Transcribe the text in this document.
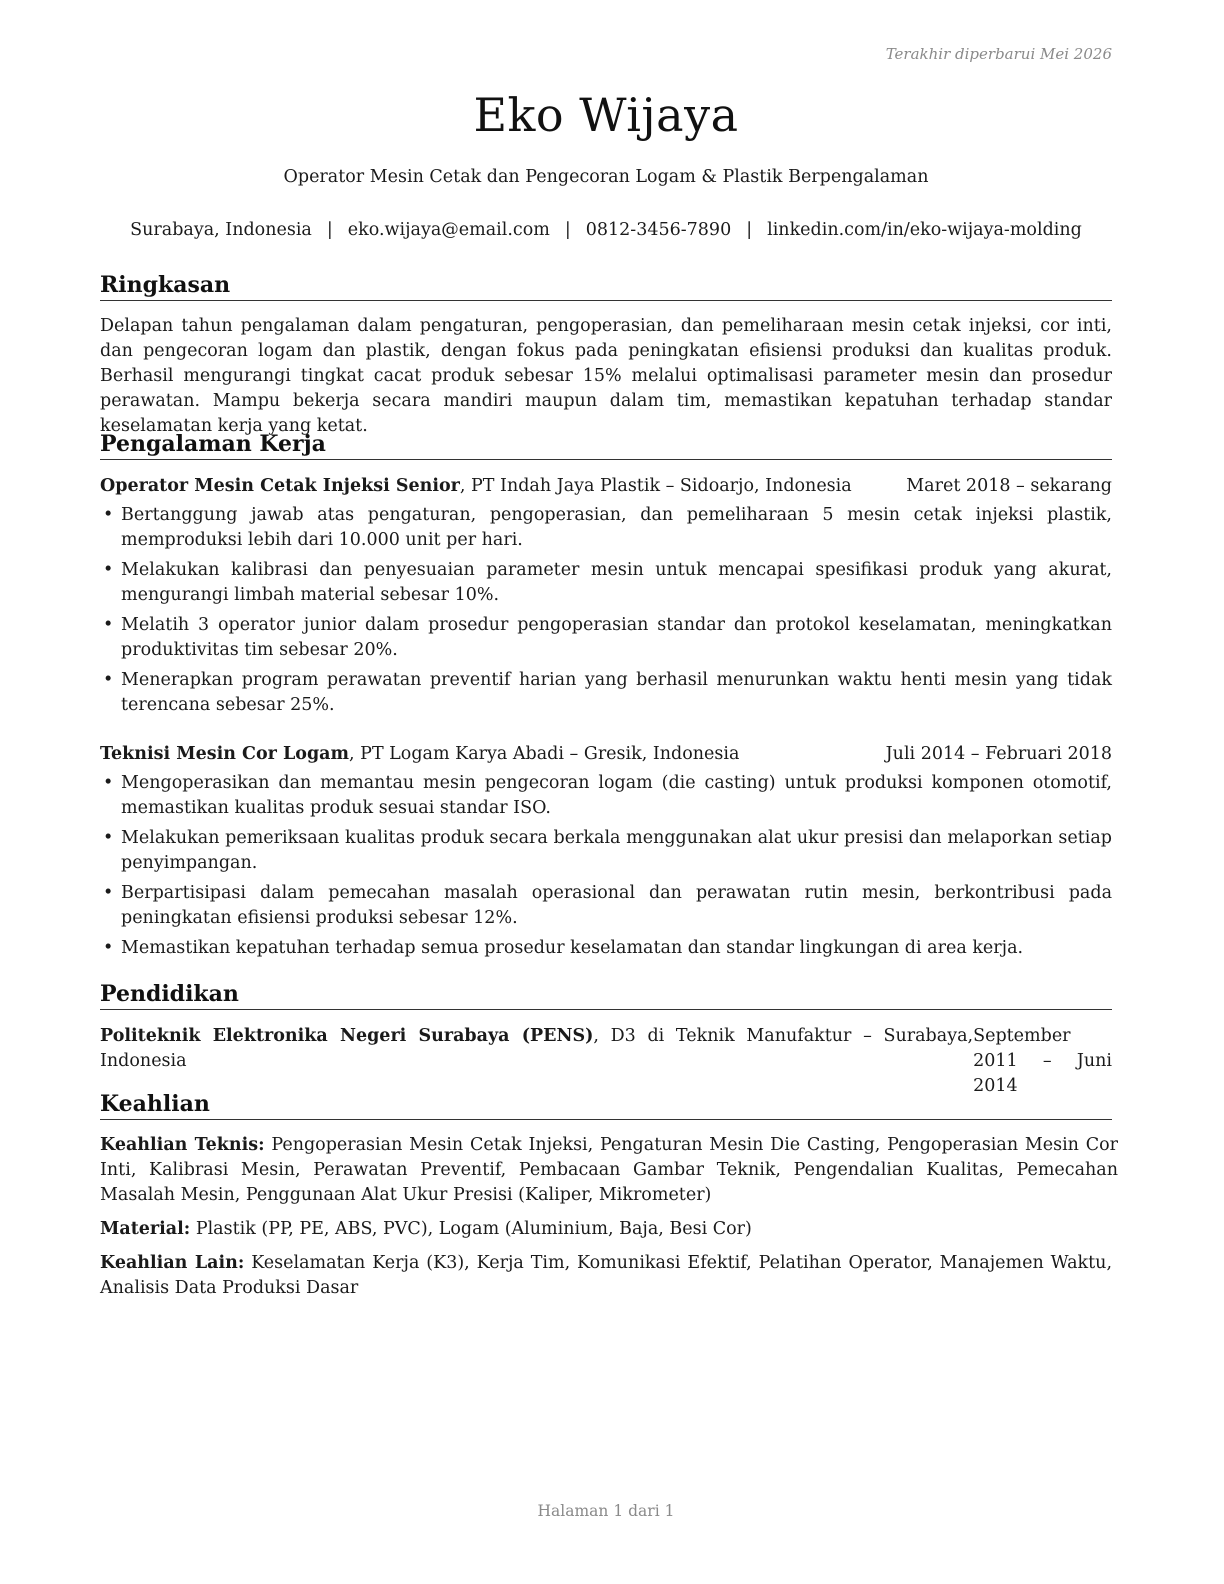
Terakhir diperbarui Mei 2026
Eko Wijaya
Operator Mesin Cetak dan Pengecoran Logam & Plastik Berpengalaman
Surabaya, Indonesia | eko.wijaya@email.com | 0812-3456-7890 | linkedin.com/in/eko-wijaya-molding
Ringkasan
Delapan tahun pengalaman dalam pengaturan, pengoperasian, dan pemeliharaan mesin cetak injeksi, cor inti, dan pengecoran logam dan plastik, dengan fokus pada peningkatan efisiensi produksi dan kualitas produk. Berhasil mengurangi tingkat cacat produk sebesar 15% melalui optimalisasi parameter mesin dan prosedur perawatan. Mampu bekerja secara mandiri maupun dalam tim, memastikan kepatuhan terhadap standar keselamatan kerja yang ketat.
Pengalaman Kerja
Operator Mesin Cetak Injeksi Senior, PT Indah Jaya Plastik – Sidoarjo, Indonesia	Maret 2018 – sekarang
• Bertanggung jawab atas pengaturan, pengoperasian, dan pemeliharaan 5 mesin cetak injeksi plastik, memproduksi lebih dari 10.000 unit per hari.
• Melakukan kalibrasi dan penyesuaian parameter mesin untuk mencapai spesifikasi produk yang akurat, mengurangi limbah material sebesar 10%.
• Melatih 3 operator junior dalam prosedur pengoperasian standar dan protokol keselamatan, meningkatkan produktivitas tim sebesar 20%.
• Menerapkan program perawatan preventif harian yang berhasil menurunkan waktu henti mesin yang tidak terencana sebesar 25%.
Teknisi Mesin Cor Logam, PT Logam Karya Abadi – Gresik, Indonesia	Juli 2014 – Februari 2018
• Mengoperasikan dan memantau mesin pengecoran logam (die casting) untuk produksi komponen otomotif, memastikan kualitas produk sesuai standar ISO.
• Melakukan pemeriksaan kualitas produk secara berkala menggunakan alat ukur presisi dan melaporkan setiap penyimpangan.
• Berpartisipasi dalam pemecahan masalah operasional dan perawatan rutin mesin, berkontribusi pada peningkatan efisiensi produksi sebesar 12%.
• Memastikan kepatuhan terhadap semua prosedur keselamatan dan standar lingkungan di area kerja.
Pendidikan
Politeknik Elektronika Negeri Surabaya (PENS), D3 di Teknik Manufaktur – Surabaya, Indonesia
September 2011 – Juni 2014
Keahlian
Keahlian Teknis: Pengoperasian Mesin Cetak Injeksi, Pengaturan Mesin Die Casting, Pengoperasian Mesin Cor Inti, Kalibrasi Mesin, Perawatan Preventif, Pembacaan Gambar Teknik, Pengendalian Kualitas, Pemecahan Masalah Mesin, Penggunaan Alat Ukur Presisi (Kaliper, Mikrometer)
Material: Plastik (PP, PE, ABS, PVC), Logam (Aluminium, Baja, Besi Cor)
Keahlian Lain: Keselamatan Kerja (K3), Kerja Tim, Komunikasi Efektif, Pelatihan Operator, Manajemen Waktu, Analisis Data Produksi Dasar
Halaman 1 dari 1
